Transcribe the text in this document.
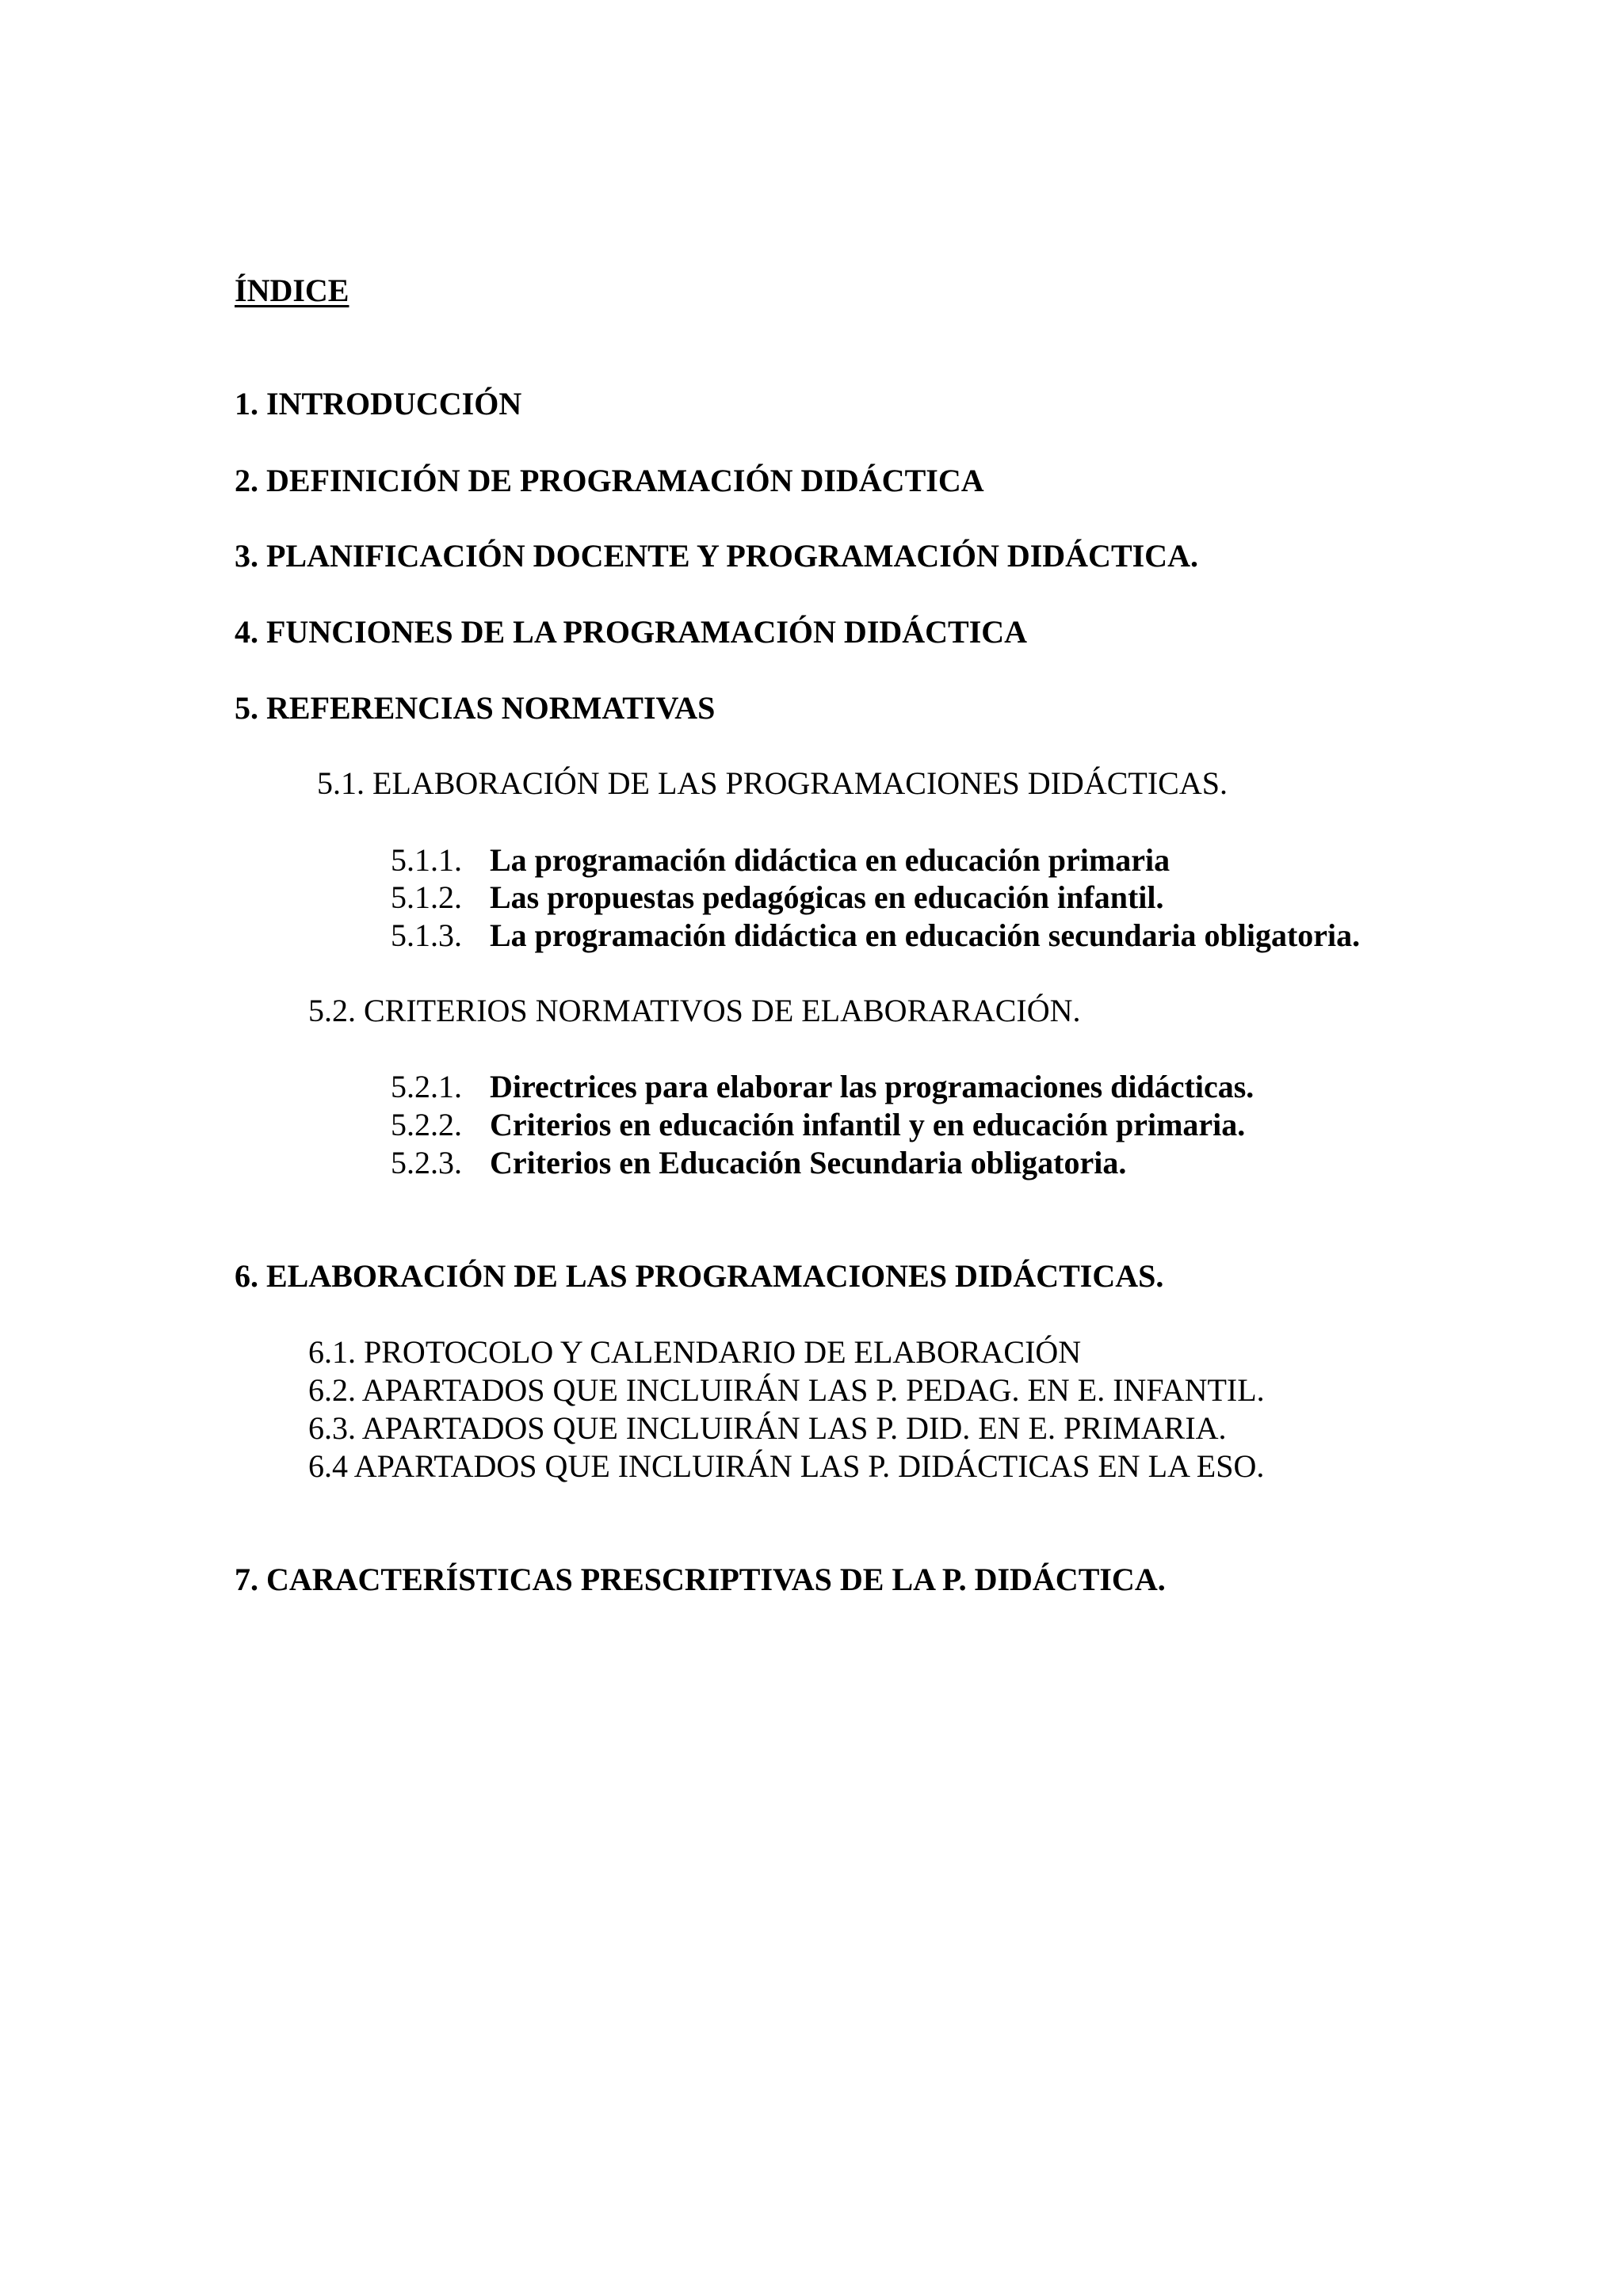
ÍNDICE
1. INTRODUCCIÓN
2. DEFINICIÓN DE PROGRAMACIÓN DIDÁCTICA
3. PLANIFICACIÓN DOCENTE Y PROGRAMACIÓN DIDÁCTICA.
4. FUNCIONES DE LA PROGRAMACIÓN DIDÁCTICA
5. REFERENCIAS NORMATIVAS
5.1. ELABORACIÓN DE LAS PROGRAMACIONES DIDÁCTICAS.
5.1.1. La programación didáctica en educación primaria
5.1.2. Las propuestas pedagógicas en educación infantil.
5.1.3. La programación didáctica en educación secundaria obligatoria.
5.2. CRITERIOS NORMATIVOS DE ELABORARACIÓN.
5.2.1. Directrices para elaborar las programaciones didácticas.
5.2.2. Criterios en educación infantil y en educación primaria.
5.2.3. Criterios en Educación Secundaria obligatoria.
6. ELABORACIÓN DE LAS PROGRAMACIONES DIDÁCTICAS.
6.1. PROTOCOLO Y CALENDARIO DE ELABORACIÓN
6.2. APARTADOS QUE INCLUIRÁN LAS P. PEDAG. EN E. INFANTIL.
6.3. APARTADOS QUE INCLUIRÁN LAS P. DID. EN E. PRIMARIA.
6.4 APARTADOS QUE INCLUIRÁN LAS P. DIDÁCTICAS EN LA ESO.
7. CARACTERÍSTICAS PRESCRIPTIVAS DE LA P. DIDÁCTICA.
